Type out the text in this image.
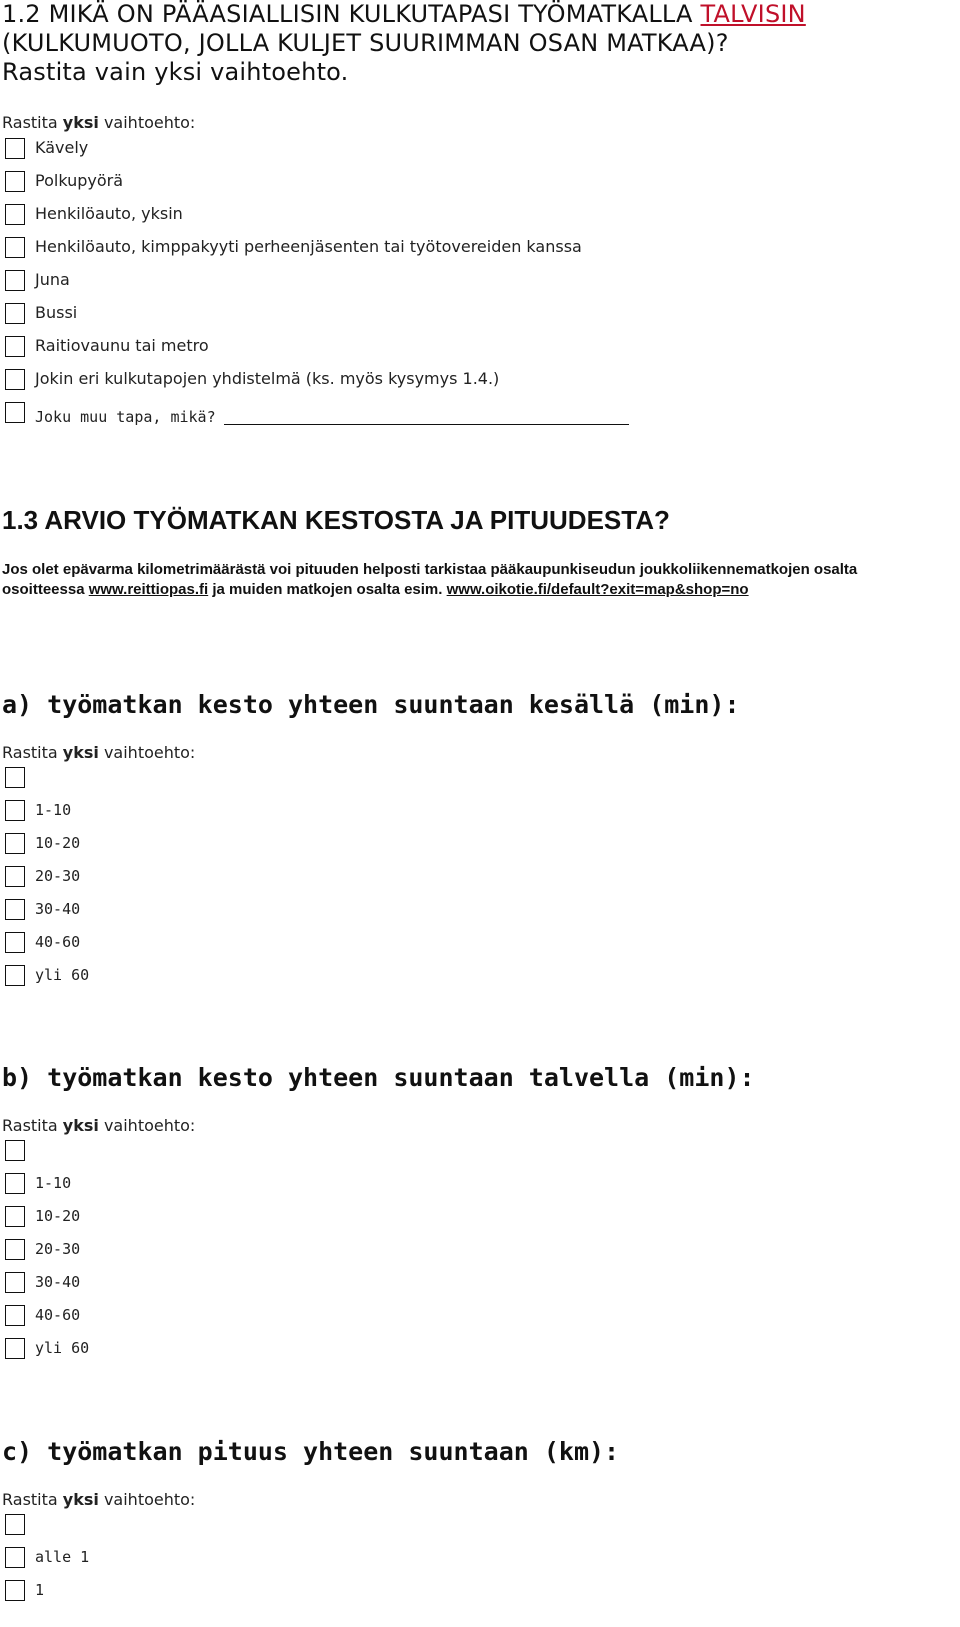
1.2 MIKÄ ON PÄÄASIALLISIN KULKUTAPASI TYÖMATKALLA TALVISIN
(KULKUMUOTO, JOLLA KULJET SUURIMMAN OSAN MATKAA)?
Rastita vain yksi vaihtoehto.
Rastita yksi vaihtoehto:
Kävely
Polkupyörä
Henkilöauto, yksin
Henkilöauto, kimppakyyti perheenjäsenten tai työtovereiden kanssa
Juna
Bussi
Raitiovaunu tai metro
Jokin eri kulkutapojen yhdistelmä (ks. myös kysymys 1.4.)
Joku muu tapa, mikä?
1.3 ARVIO TYÖMATKAN KESTOSTA JA PITUUDESTA?
Jos olet epävarma kilometrimäärästä voi pituuden helposti tarkistaa pääkaupunkiseudun joukkoliikennematkojen osalta
osoitteessa www.reittiopas.fi ja muiden matkojen osalta esim. www.oikotie.fi/default?exit=map&shop=no
a) työmatkan kesto yhteen suuntaan kesällä (min):
Rastita yksi vaihtoehto:
1-10
10-20
20-30
30-40
40-60
yli 60
b) työmatkan kesto yhteen suuntaan talvella (min):
Rastita yksi vaihtoehto:
1-10
10-20
20-30
30-40
40-60
yli 60
c) työmatkan pituus yhteen suuntaan (km):
Rastita yksi vaihtoehto:
alle 1
1
